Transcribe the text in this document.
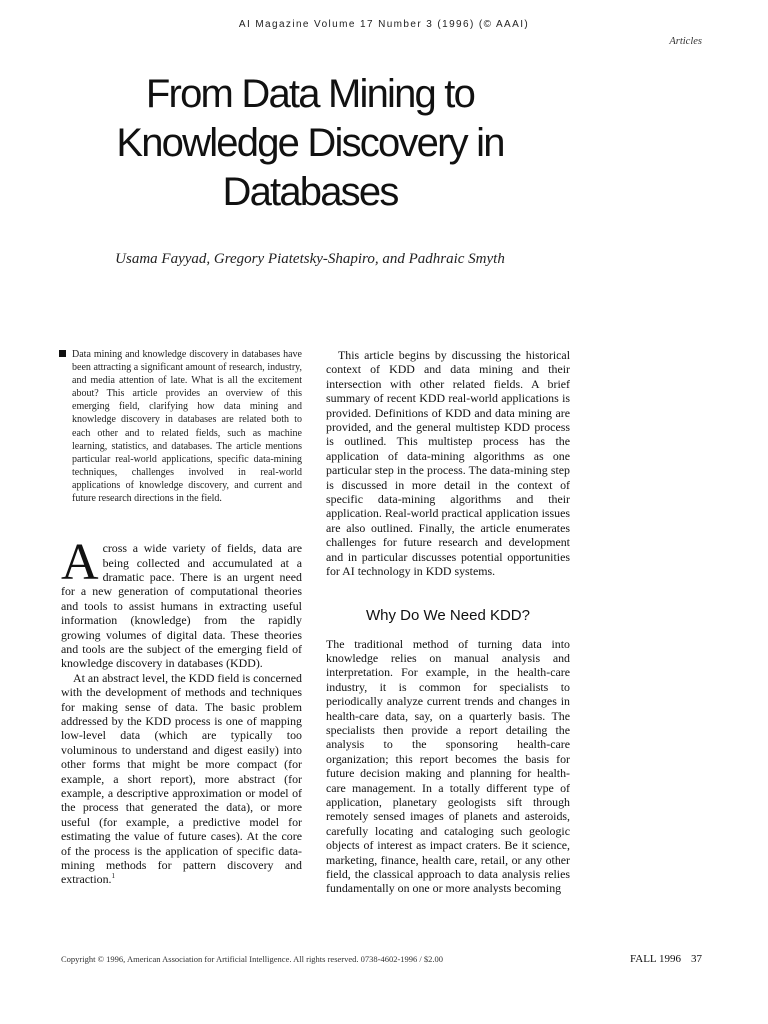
AI Magazine Volume 17 Number 3 (1996) (© AAAI)
Articles
From Data Mining to Knowledge Discovery in Databases
Usama Fayyad, Gregory Piatetsky-Shapiro, and Padhraic Smyth
Data mining and knowledge discovery in databases have been attracting a significant amount of research, industry, and media attention of late. What is all the excitement about? This article provides an overview of this emerging field, clarifying how data mining and knowledge discovery in databases are related both to each other and to related fields, such as machine learning, statistics, and databases. The article mentions particular real-world applications, specific data-mining techniques, challenges involved in real-world applications of knowledge discovery, and current and future research directions in the field.

Across a wide variety of fields, data are being collected and accumulated at a dramatic pace. There is an urgent need for a new generation of computational theories and tools to assist humans in extracting useful information (knowledge) from the rapidly growing volumes of digital data. These theories and tools are the subject of the emerging field of knowledge discovery in databases (KDD).

At an abstract level, the KDD field is concerned with the development of methods and techniques for making sense of data. The basic problem addressed by the KDD process is one of mapping low-level data (which are typically too voluminous to understand and digest easily) into other forms that might be more compact (for example, a short report), more abstract (for example, a descriptive approximation or model of the process that generated the data), or more useful (for example, a predictive model for estimating the value of future cases). At the core of the process is the application of specific data-mining methods for pattern discovery and extraction.$^1$

This article begins by discussing the historical context of KDD and data mining and their intersection with other related fields. A brief summary of recent KDD real-world applications is provided. Definitions of KDD and data mining are provided, and the general multistep KDD process is outlined. This multistep process has the application of data-mining algorithms as one particular step in the process. The data-mining step is discussed in more detail in the context of specific data-mining algorithms and their application. Real-world practical application issues are also outlined. Finally, the article enumerates challenges for future research and development and in particular discusses potential opportunities for AI technology in KDD systems.

Why Do We Need KDD?

The traditional method of turning data into knowledge relies on manual analysis and interpretation. For example, in the health-care industry, it is common for specialists to periodically analyze current trends and changes in health-care data, say, on a quarterly basis. The specialists then provide a report detailing the analysis to the sponsoring health-care organization; this report becomes the basis for future decision making and planning for health-care management. In a totally different type of application, planetary geologists sift through remotely sensed images of planets and asteroids, carefully locating and cataloging such geologic objects of interest as impact craters. Be it science, marketing, finance, health care, retail, or any other field, the classical approach to data analysis relies fundamentally on one or more analysts becoming

Copyright © 1996, American Association for Artificial Intelligence. All rights reserved. 0738-4602-1996 / $2.00	FALL 1996 37
